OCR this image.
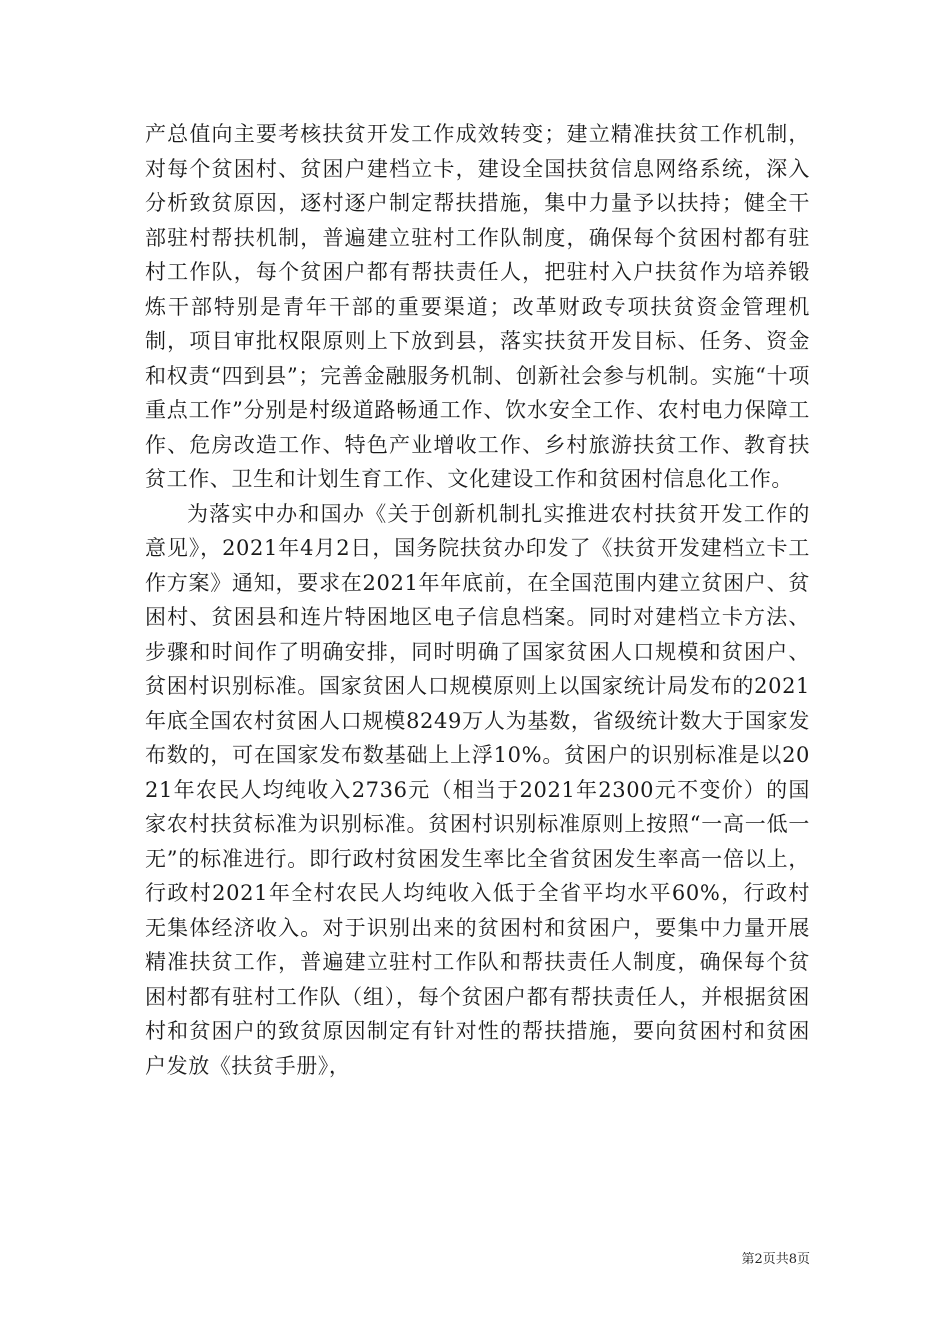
产总值向主要考核扶贫开发工作成效转变；建立精准扶贫工作机制，对每个贫困村、贫困户建档立卡，建设全国扶贫信息网络系统，深入分析致贫原因，逐村逐户制定帮扶措施，集中力量予以扶持；健全干部驻村帮扶机制，普遍建立驻村工作队制度，确保每个贫困村都有驻村工作队，每个贫困户都有帮扶责任人，把驻村入户扶贫作为培养锻炼干部特别是青年干部的重要渠道；改革财政专项扶贫资金管理机制，项目审批权限原则上下放到县，落实扶贫开发目标、任务、资金和权责“四到县”；完善金融服务机制、创新社会参与机制。实施“十项重点工作”分别是村级道路畅通工作、饮水安全工作、农村电力保障工作、危房改造工作、特色产业增收工作、乡村旅游扶贫工作、教育扶贫工作、卫生和计划生育工作、文化建设工作和贫困村信息化工作。

为落实中办和国办《关于创新机制扎实推进农村扶贫开发工作的意见》，2021年4月2日，国务院扶贫办印发了《扶贫开发建档立卡工作方案》通知，要求在2021年年底前，在全国范围内建立贫困户、贫困村、贫困县和连片特困地区电子信息档案。同时对建档立卡方法、步骤和时间作了明确安排，同时明确了国家贫困人口规模和贫困户、贫困村识别标准。国家贫困人口规模原则上以国家统计局发布的2021年底全国农村贫困人口规模8249万人为基数，省级统计数大于国家发布数的，可在国家发布数基础上上浮10%。贫困户的识别标准是以2021年农民人均纯收入2736元（相当于2021年2300元不变价）的国家农村扶贫标准为识别标准。贫困村识别标准原则上按照“一高一低一无”的标准进行。即行政村贫困发生率比全省贫困发生率高一倍以上，行政村2021年全村农民人均纯收入低于全省平均水平60%，行政村无集体经济收入。对于识别出来的贫困村和贫困户，要集中力量开展精准扶贫工作，普遍建立驻村工作队和帮扶责任人制度，确保每个贫困村都有驻村工作队（组），每个贫困户都有帮扶责任人，并根据贫困村和贫困户的致贫原因制定有针对性的帮扶措施，要向贫困村和贫困户发放《扶贫手册》，

第2页共8页
